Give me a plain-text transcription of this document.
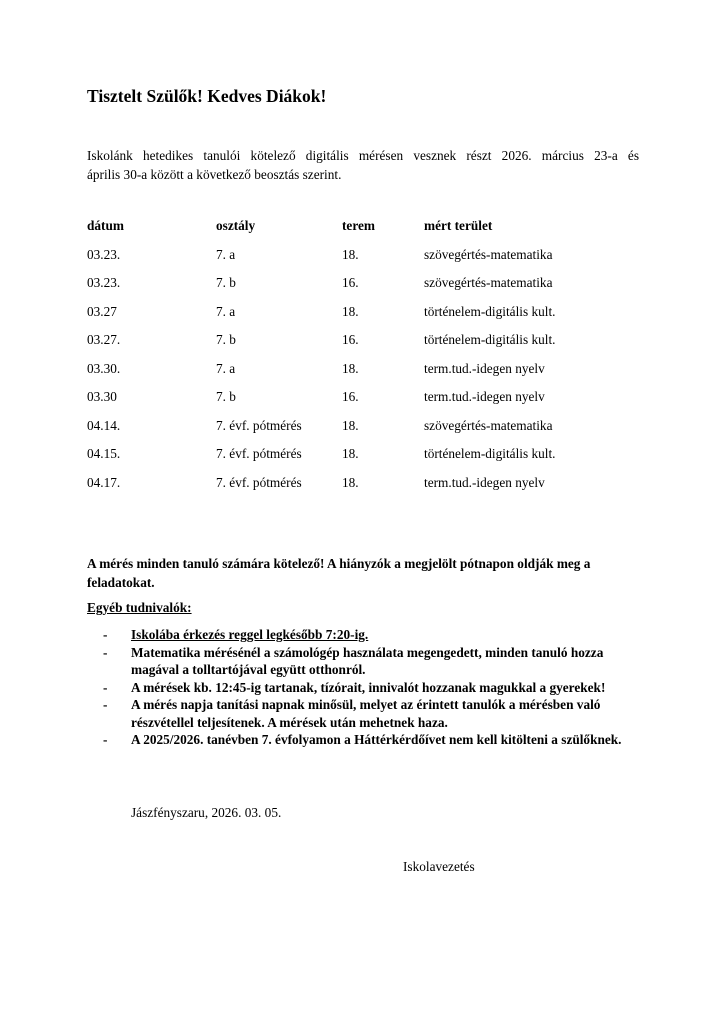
Tisztelt Szülők! Kedves Diákok!
Iskolánk hetedikes tanulói kötelező digitális mérésen vesznek részt 2026. március 23-a és
április 30-a között a következő beosztás szerint.
dátum	osztály	terem	mért terület
03.23.	7. a	18.	szövegértés-matematika
03.23.	7. b	16.	szövegértés-matematika
03.27	7. a	18.	történelem-digitális kult.
03.27.	7. b	16.	történelem-digitális kult.
03.30.	7. a	18.	term.tud.-idegen nyelv
03.30	7. b	16.	term.tud.-idegen nyelv
04.14.	7. évf. pótmérés	18.	szövegértés-matematika
04.15.	7. évf. pótmérés	18.	történelem-digitális kult.
04.17.	7. évf. pótmérés	18.	term.tud.-idegen nyelv
A mérés minden tanuló számára kötelező! A hiányzók a megjelölt pótnapon oldják meg a feladatokat.
Egyéb tudnivalók:
- Iskolába érkezés reggel legkésőbb 7:20-ig.
- Matematika mérésénél a számológép használata megengedett, minden tanuló hozza magával a tolltartójával együtt otthonról.
- A mérések kb. 12:45-ig tartanak, tízórait, innivalót hozzanak magukkal a gyerekek!
- A mérés napja tanítási napnak minősül, melyet az érintett tanulók a mérésben való részvétellel teljesítenek. A mérések után mehetnek haza.
- A 2025/2026. tanévben 7. évfolyamon a Háttérkérdőívet nem kell kitölteni a szülőknek.
Jászfényszaru, 2026. 03. 05.
Iskolavezetés
